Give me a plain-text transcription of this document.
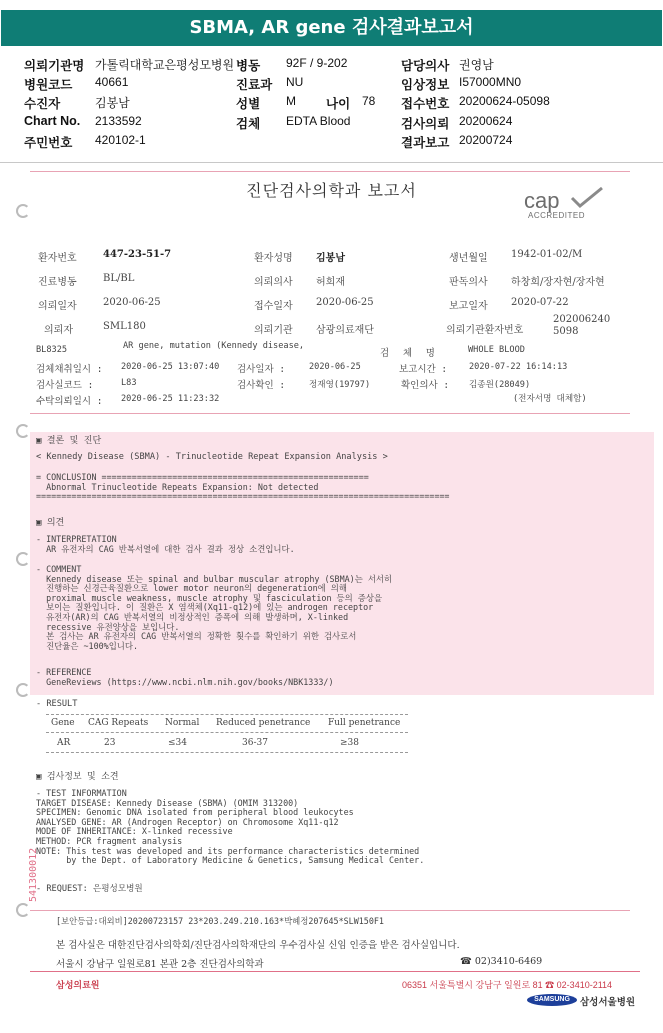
SBMA, AR gene 검사결과보고서
의뢰기관명 가톨릭대학교은평성모병원 병동 92F / 9-202	담당의사 권영남
병원코드 40661	진료과 NU	임상정보 I57000MN0
수진자	김봉남	성별 M 나이 78 접수번호 20200624-05098
Chart No. 2133592	검체 EDTA Blood	검사의뢰 20200624
주민번호 420102-1	결과보고 20200724
진단검사의학과 보고서	cap
ACCREDITED
환자번호	447-23-51-7	환자성명 김봉남	생년월일 1942-01-02/M
진료병동	BL/BL	의뢰의사 허희재	판독의사 하창희/장자현/장자현
의뢰일자	2020-06-25	접수일자 2020-06-25	보고일자 2020-07-22
의뢰자	SML180	의뢰기관 삼광의료재단	의뢰기관환자번호
2020062405098
BL8325	AR gene, mutation (Kennedy disease,
검 체 명	WHOLE BLOOD
검체채취일시 : 2020-06-25 13:07:40 검사일자 :	2020-06-25	보고시간 :	2020-07-22 16:14:13
검사실코드 :	L83	검사확인 :	정재영(19797)	확인의사 : 김종원(28049)
수탁의뢰일시 : 2020-06-25 11:23:32	(전자서명 대체함)
▣ 결론 및 진단
< Kennedy Disease (SBMA) - Trinucleotide Repeat Expansion Analysis >
= CONCLUSION =====================================================
Abnormal Trinucleotide Repeats Expansion: Not detected
==================================================================================
▣ 의견
- INTERPRETATION
AR 유전자의 CAG 반복서열에 대한 검사 결과 정상 소견입니다.
- COMMENT
Kennedy disease 또는 spinal and bulbar muscular atrophy (SBMA)는 서서히
진행하는 신경근육질환으로 lower motor neuron의 degeneration에 의해
proximal muscle weakness, muscle atrophy 및 fasciculation 등의 증상을
보이는 질환입니다. 이 질환은 X 염색체(Xq11-q12)에 있는 androgen receptor
유전자(AR)의 CAG 반복서열의 비정상적인 증폭에 의해 발생하며, X-linked
recessive 유전양상을 보입니다.
본 검사는 AR 유전자의 CAG 반복서열의 정확한 횟수를 확인하기 위한 검사로서
진단율은 ~100%입니다.
- REFERENCE
GeneReviews (https://www.ncbi.nlm.nih.gov/books/NBK1333/)
- RESULT
Gene CAG Repeats Normal Reduced penetrance Full penetrance
AR	23	≤34	36-37	≥38
▣ 검사정보 및 소견
- TEST INFORMATION
TARGET DISEASE: Kennedy Disease (SBMA) (OMIM 313200)
SPECIMEN: Genomic DNA isolated from peripheral blood leukocytes
ANALYSED GENE: AR (Androgen Receptor) on Chromosome Xq11-q12
MODE OF INHERITANCE: X-linked recessive
METHOD: PCR fragment analysis
NOTE: This test was developed and its performance characteristics determined
by the Dept. of Laboratory Medicine & Genetics, Samsung Medical Center.
- REQUEST: 은평성모병원
541300012
[보안등급:대외비]20200723157 23*203.249.210.163*박혜정207645*SLW150F1
본 검사실은 대한진단검사의학회/진단검사의학재단의 우수검사실 신임 인증을 받은 검사실입니다.
서울시 강남구 일원로81 본관 2층 진단검사의학과	☎ 02)3410-6469
삼성의료원	06351 서울특별시 강남구 일원로 81 ☎ 02-3410-2114
SAMSUNG	삼성서울병원
